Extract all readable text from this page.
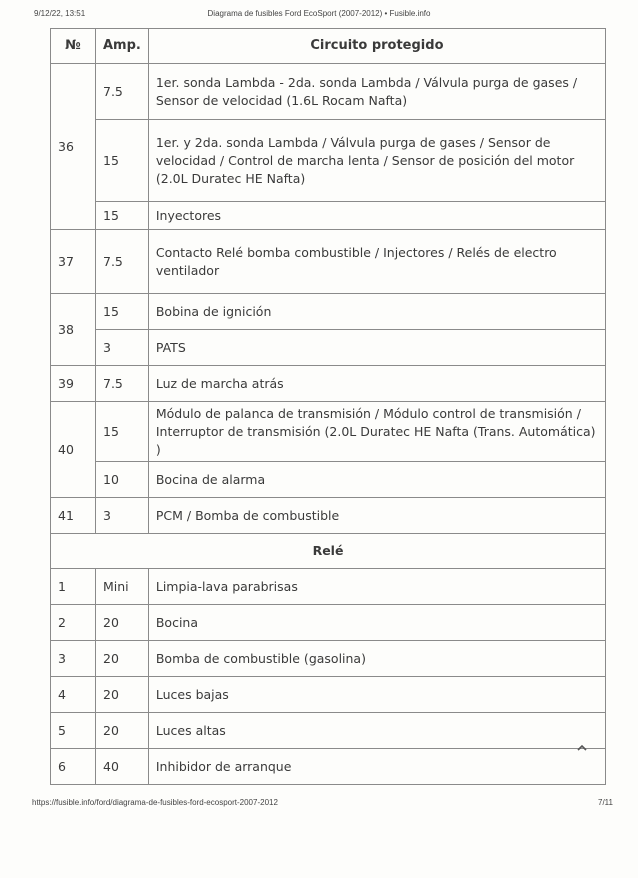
9/12/22, 13:51	Diagrama de fusibles Ford EcoSport (2007-2012) • Fusible.info
№	Amp.	Circuito protegido
36	7.5	1er. sonda Lambda - 2da. sonda Lambda / Válvula purga de gases / Sensor de velocidad (1.6L Rocam Nafta)
	15	1er. y 2da. sonda Lambda / Válvula purga de gases / Sensor de velocidad / Control de marcha lenta / Sensor de posición del motor (2.0L Duratec HE Nafta)
	15	Inyectores
37	7.5	Contacto Relé bomba combustible / Injectores / Relés de electro ventilador
38	15	Bobina de ignición
	3	PATS
39	7.5	Luz de marcha atrás
40	15	Módulo de palanca de transmisión / Módulo control de transmisión / Interruptor de transmisión (2.0L Duratec HE Nafta (Trans. Automática) )
	10	Bocina de alarma
41	3	PCM / Bomba de combustible
Relé		
1	Mini	Limpia-lava parabrisas
2	20	Bocina
3	20	Bomba de combustible (gasolina)
4	20	Luces bajas
5	20	Luces altas
6	40	Inhibidor de arranque
https://fusible.info/ford/diagrama-de-fusibles-ford-ecosport-2007-2012	7/11
